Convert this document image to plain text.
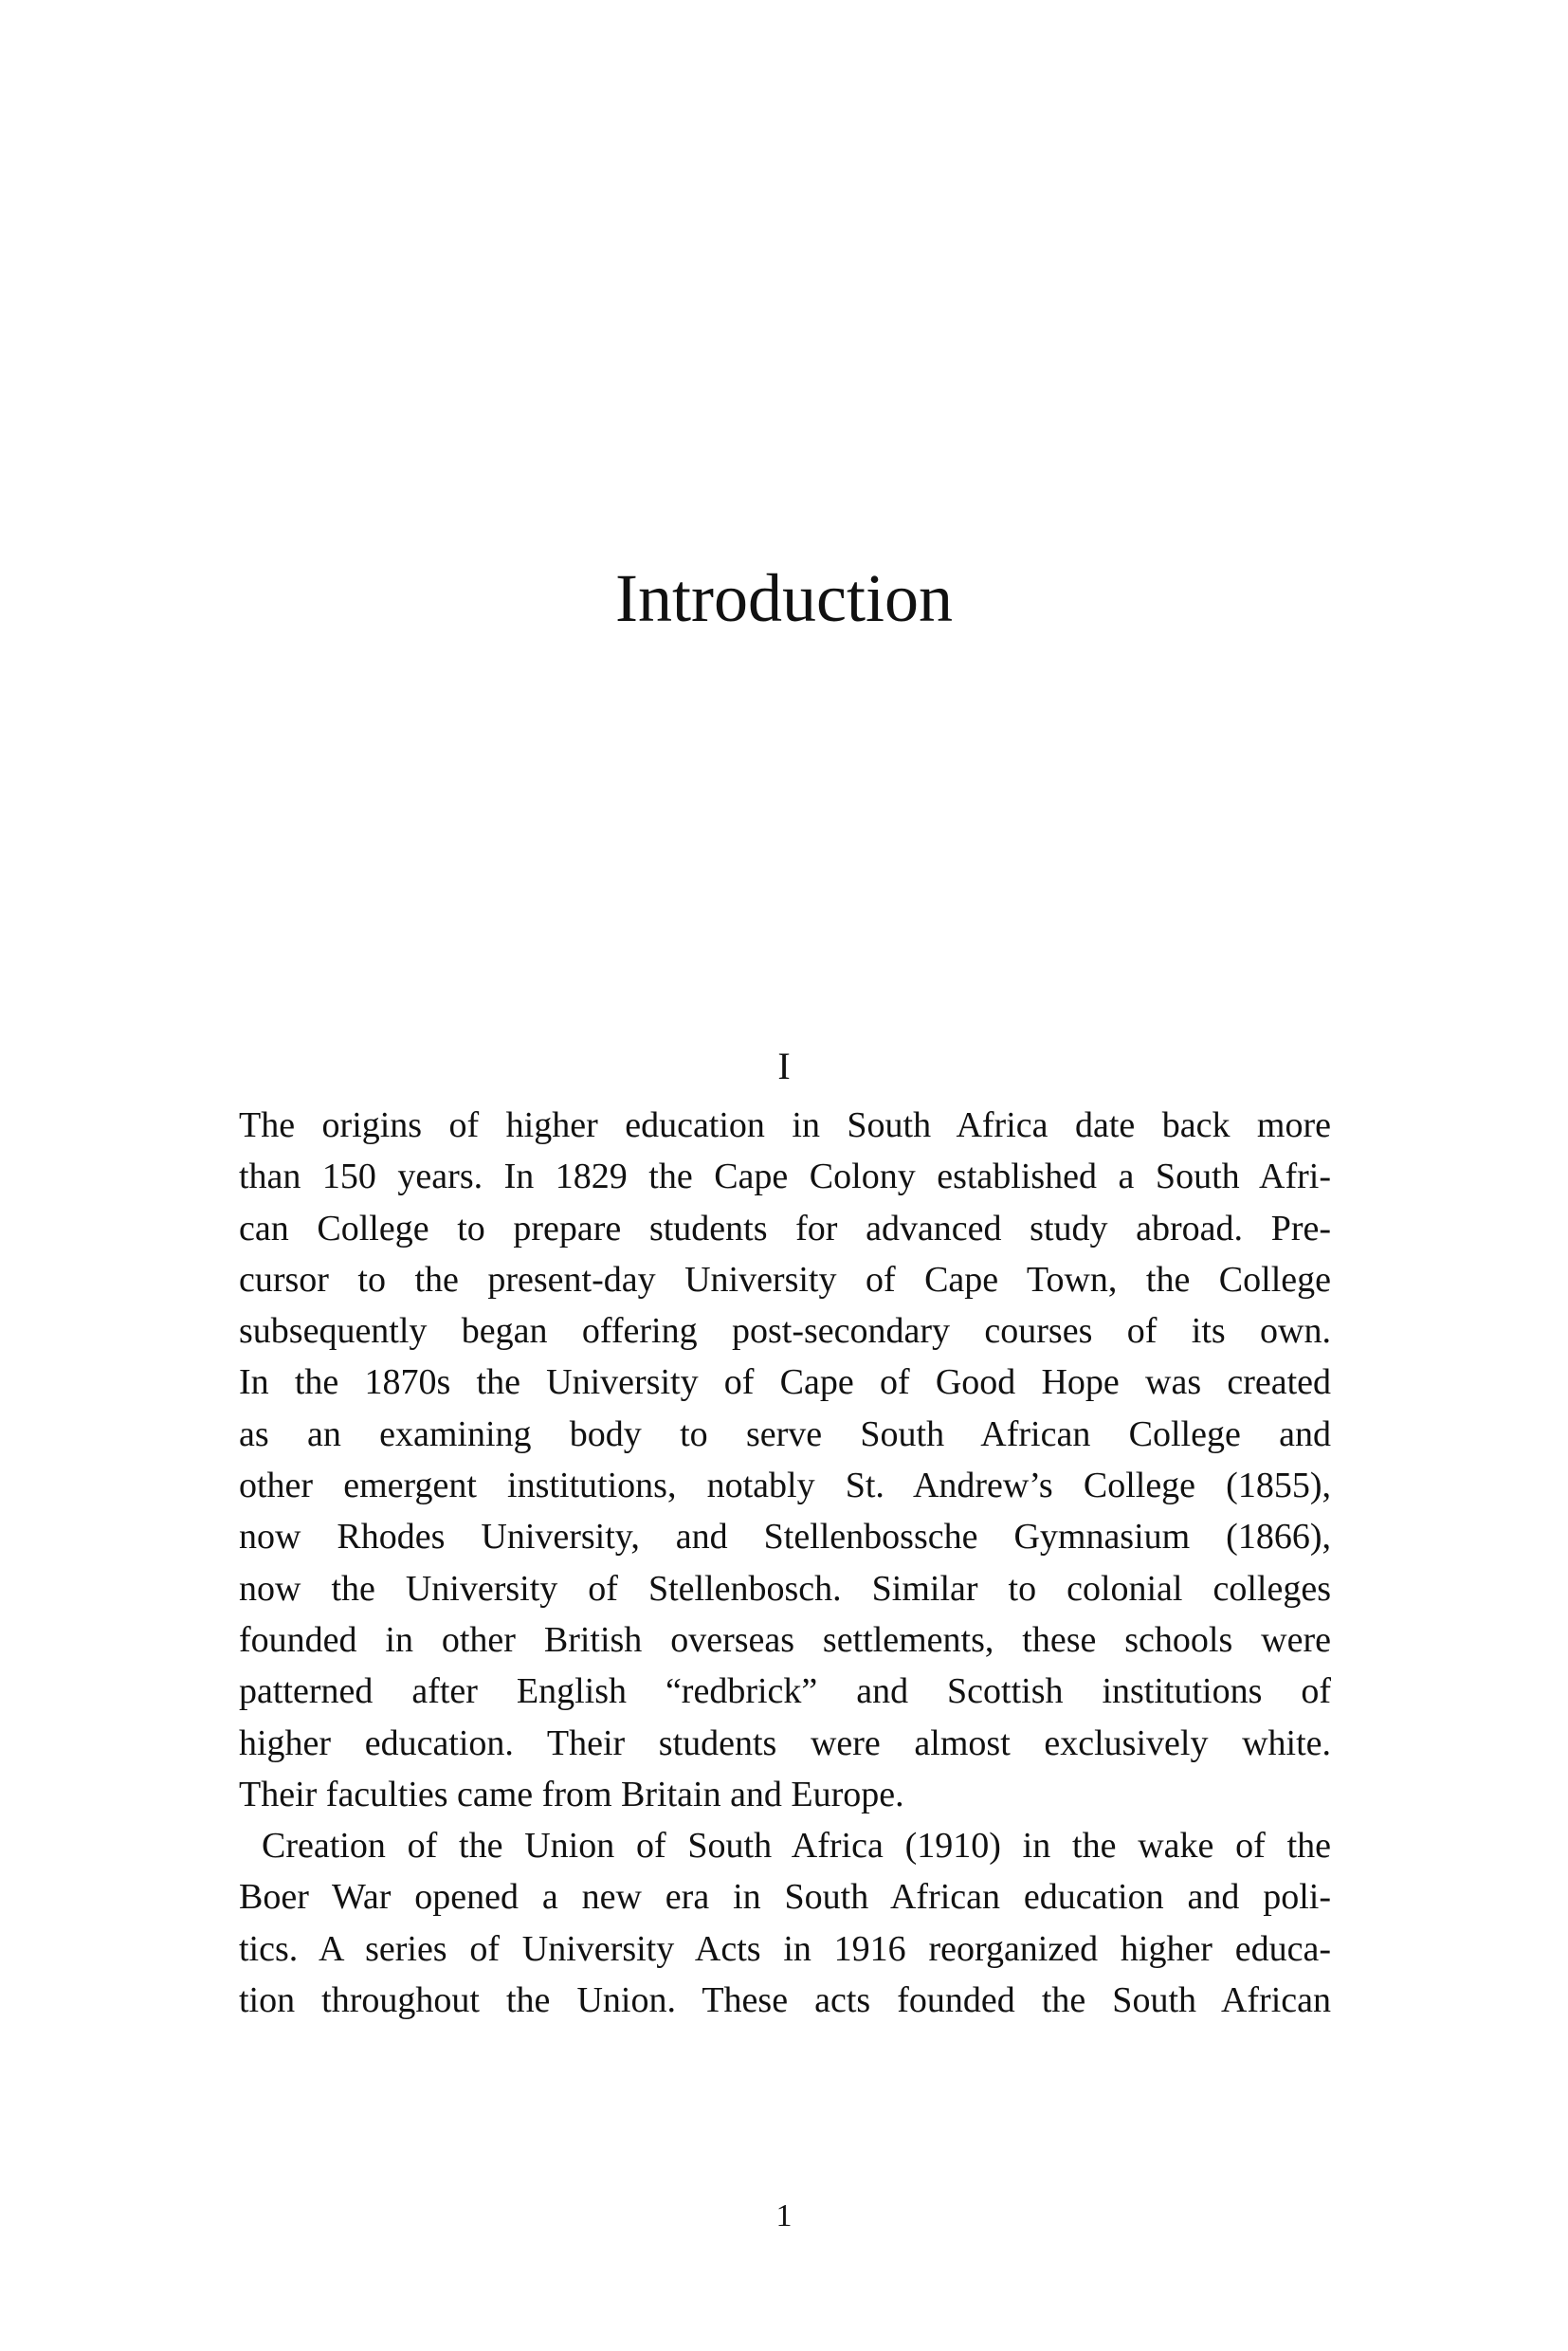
Introduction
I
The origins of higher education in South Africa date back more
than 150 years. In 1829 the Cape Colony established a South Afri-
can College to prepare students for advanced study abroad. Pre-
cursor to the present-day University of Cape Town, the College
subsequently began offering post-secondary courses of its own.
In the 1870s the University of Cape of Good Hope was created
as an examining body to serve South African College and
other emergent institutions, notably St. Andrew’s College (1855),
now Rhodes University, and Stellenbossche Gymnasium (1866),
now the University of Stellenbosch. Similar to colonial colleges
founded in other British overseas settlements, these schools were
patterned after English “redbrick” and Scottish institutions of
higher education. Their students were almost exclusively white.
Their faculties came from Britain and Europe.
Creation of the Union of South Africa (1910) in the wake of the
Boer War opened a new era in South African education and poli-
tics. A series of University Acts in 1916 reorganized higher educa-
tion throughout the Union. These acts founded the South African
1
